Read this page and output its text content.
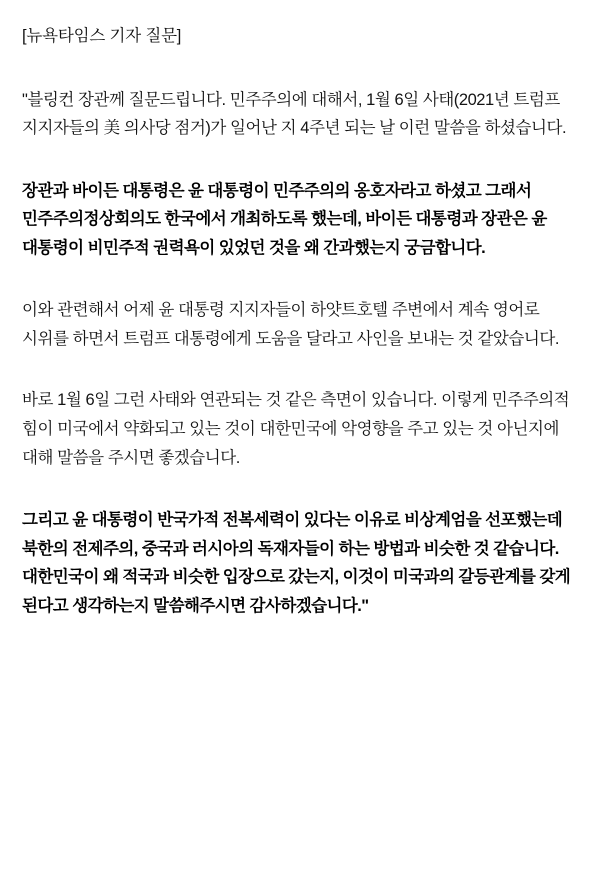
[뉴욕타임스 기자 질문]

"블링컨 장관께 질문드립니다. 민주주의에 대해서, 1월 6일 사태(2021년 트럼프 지지자들의 美 의사당 점거)가 일어난 지 4주년 되는 날 이런 말씀을 하셨습니다.

장관과 바이든 대통령은 윤 대통령이 민주주의의 옹호자라고 하셨고 그래서 민주주의정상회의도 한국에서 개최하도록 했는데, 바이든 대통령과 장관은 윤 대통령이 비민주적 권력욕이 있었던 것을 왜 간과했는지 궁금합니다.

이와 관련해서 어제 윤 대통령 지지자들이 하얏트호텔 주변에서 계속 영어로 시위를 하면서 트럼프 대통령에게 도움을 달라고 사인을 보내는 것 같았습니다.

바로 1월 6일 그런 사태와 연관되는 것 같은 측면이 있습니다. 이렇게 민주주의적 힘이 미국에서 약화되고 있는 것이 대한민국에 악영향을 주고 있는 것 아닌지에 대해 말씀을 주시면 좋겠습니다.

그리고 윤 대통령이 반국가적 전복세력이 있다는 이유로 비상계엄을 선포했는데 북한의 전제주의, 중국과 러시아의 독재자들이 하는 방법과 비슷한 것 같습니다. 대한민국이 왜 적국과 비슷한 입장으로 갔는지, 이것이 미국과의 갈등관계를 갖게 된다고 생각하는지 말씀해주시면 감사하겠습니다."
